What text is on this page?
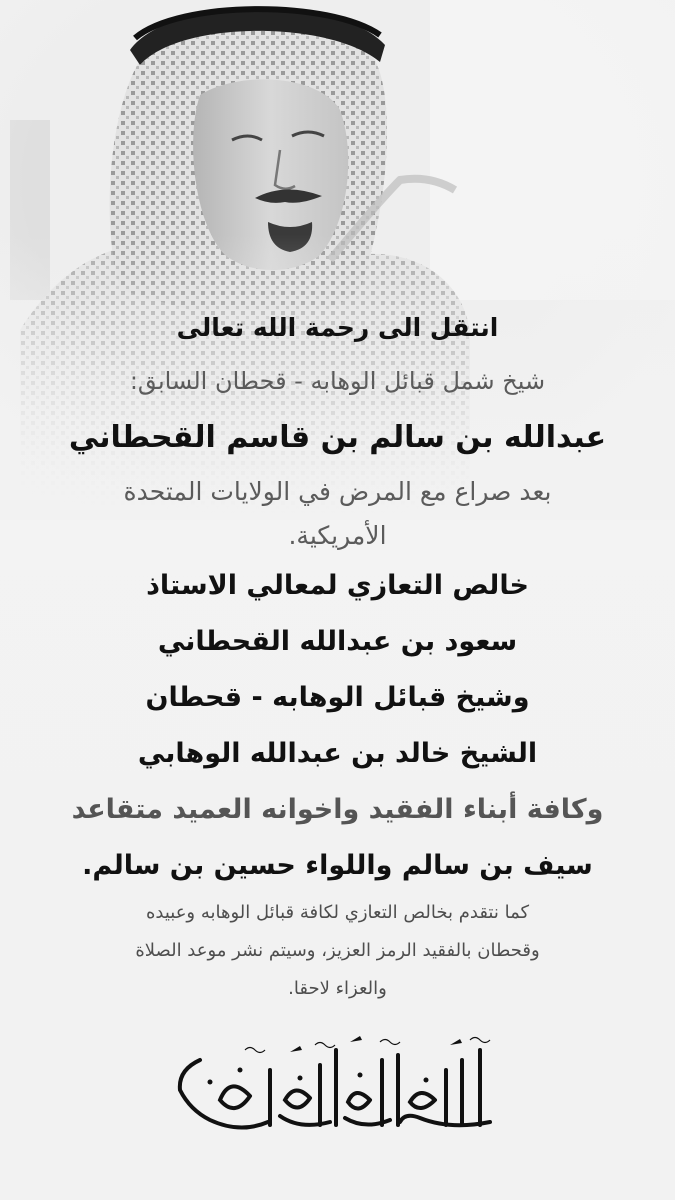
انتقل الى رحمة الله تعالى
شيخ شمل قبائل الوهابه - قحطان السابق:
عبدالله بن سالم بن قاسم القحطاني
بعد صراع مع المرض في الولايات المتحدة
الأمريكية.
خالص التعازي لمعالي الاستاذ
سعود بن عبدالله القحطاني
وشيخ قبائل الوهابه - قحطان
الشيخ خالد بن عبدالله الوهابي
وكافة أبناء الفقيد واخوانه العميد متقاعد
سيف بن سالم واللواء حسين بن سالم.
كما نتقدم بخالص التعازي لكافة قبائل الوهابه وعبيده
وقحطان بالفقيد الرمز العزيز، وسيتم نشر موعد الصلاة
والعزاء لاحقا.
